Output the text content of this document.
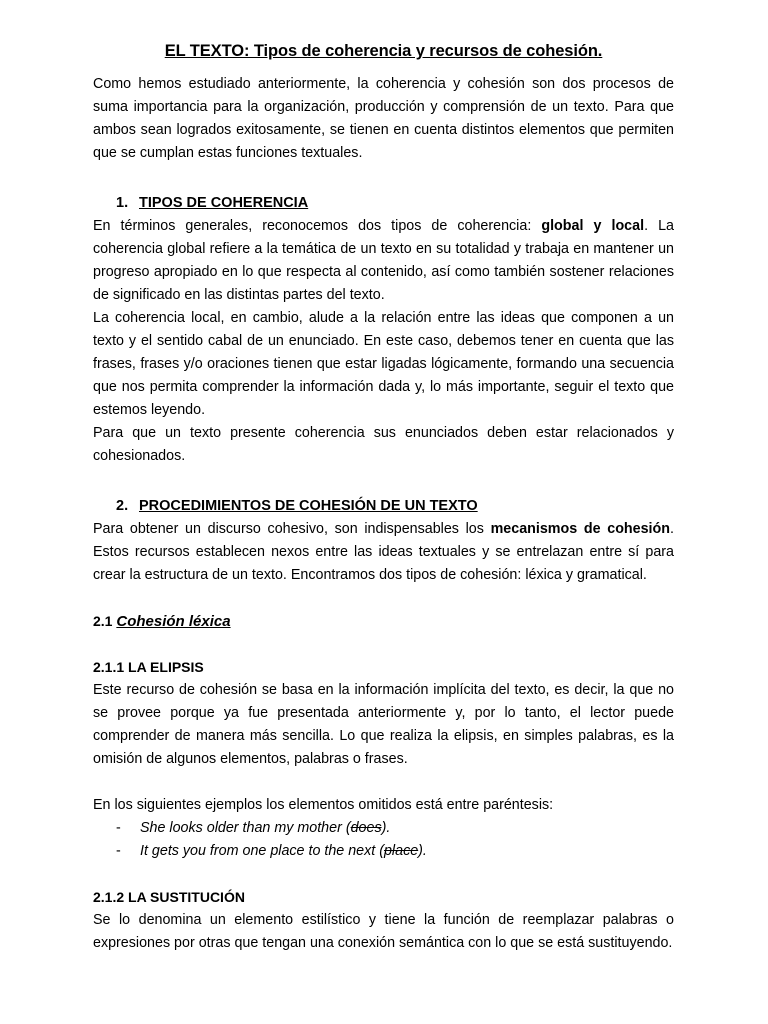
EL TEXTO: Tipos de coherencia y recursos de cohesión.

Como hemos estudiado anteriormente, la coherencia y cohesión son dos procesos de suma importancia para la organización, producción y comprensión de un texto. Para que ambos sean logrados exitosamente, se tienen en cuenta distintos elementos que permiten que se cumplan estas funciones textuales.

1. TIPOS DE COHERENCIA

En términos generales, reconocemos dos tipos de coherencia: global y local. La coherencia global refiere a la temática de un texto en su totalidad y trabaja en mantener un progreso apropiado en lo que respecta al contenido, así como también sostener relaciones de significado en las distintas partes del texto.

La coherencia local, en cambio, alude a la relación entre las ideas que componen a un texto y el sentido cabal de un enunciado. En este caso, debemos tener en cuenta que las frases, frases y/o oraciones tienen que estar ligadas lógicamente, formando una secuencia que nos permita comprender la información dada y, lo más importante, seguir el texto que estemos leyendo.

Para que un texto presente coherencia sus enunciados deben estar relacionados y cohesionados.

2. PROCEDIMIENTOS DE COHESIÓN DE UN TEXTO

Para obtener un discurso cohesivo, son indispensables los mecanismos de cohesión. Estos recursos establecen nexos entre las ideas textuales y se entrelazan entre sí para crear la estructura de un texto. Encontramos dos tipos de cohesión: léxica y gramatical.

2.1 Cohesión léxica
2.1.1 LA ELIPSIS

Este recurso de cohesión se basa en la información implícita del texto, es decir, la que no se provee porque ya fue presentada anteriormente y, por lo tanto, el lector puede comprender de manera más sencilla. Lo que realiza la elipsis, en simples palabras, es la omisión de algunos elementos, palabras o frases.

En los siguientes ejemplos los elementos omitidos está entre paréntesis:

- She looks older than my mother (does).
- It gets you from one place to the next (place).
2.1.2 LA SUSTITUCIÓN

Se lo denomina un elemento estilístico y tiene la función de reemplazar palabras o expresiones por otras que tengan una conexión semántica con lo que se está sustituyendo.
